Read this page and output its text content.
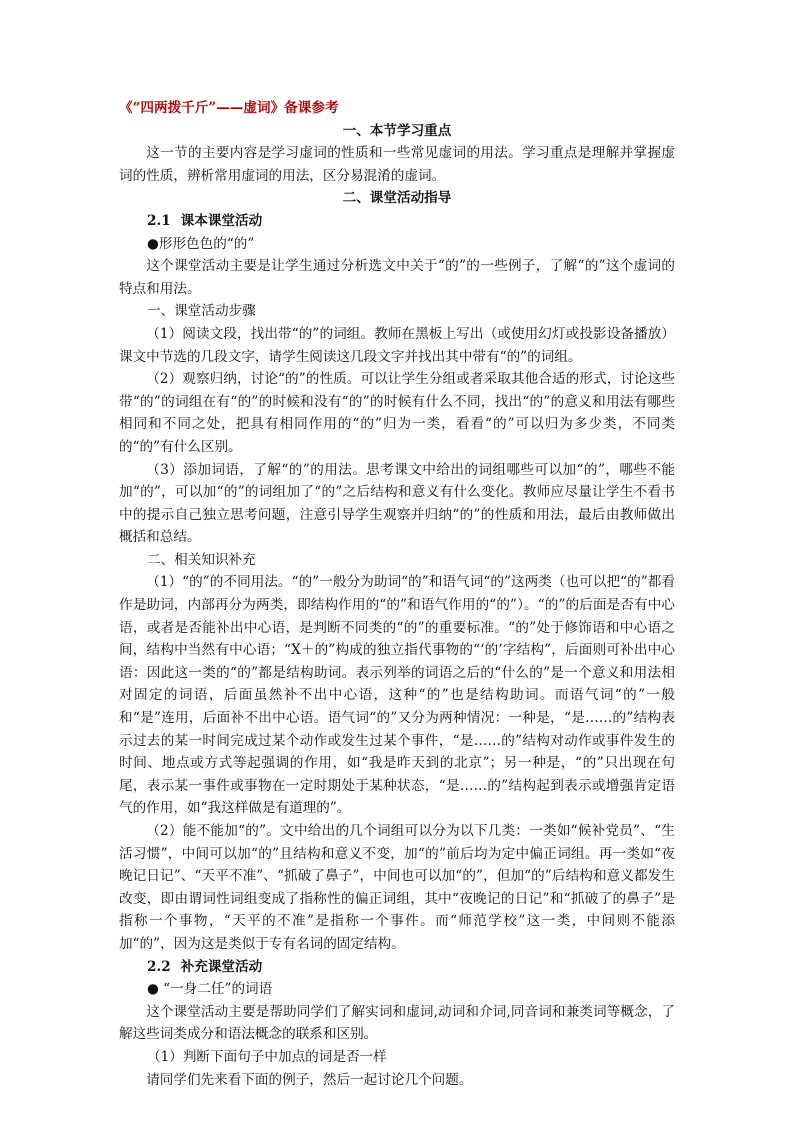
《“四两拨千斤”——虚词》备课参考

一、本节学习重点

这一节的主要内容是学习虚词的性质和一些常见虚词的用法。学习重点是理解并掌握虚词的性质，辨析常用虚词的用法，区分易混淆的虚词。

二、课堂活动指导

2.1 课本课堂活动

●形形色色的“的”

这个课堂活动主要是让学生通过分析选文中关于“的”的一些例子，了解“的”这个虚词的特点和用法。

一、课堂活动步骤

（1）阅读文段，找出带“的”的词组。教师在黑板上写出（或使用幻灯或投影设备播放）课文中节选的几段文字，请学生阅读这几段文字并找出其中带有“的”的词组。

（2）观察归纳，讨论“的”的性质。可以让学生分组或者采取其他合适的形式，讨论这些带“的”的词组在有“的”的时候和没有“的”的时候有什么不同，找出“的”的意义和用法有哪些相同和不同之处，把具有相同作用的“的”归为一类，看看“的”可以归为多少类，不同类的“的”有什么区别。

（3）添加词语，了解“的”的用法。思考课文中给出的词组哪些可以加“的”，哪些不能加“的”，可以加“的”的词组加了“的”之后结构和意义有什么变化。教师应尽量让学生不看书中的提示自己独立思考问题，注意引导学生观察并归纳“的”的性质和用法，最后由教师做出概括和总结。

二、相关知识补充

（1）“的”的不同用法。“的”一般分为助词“的”和语气词“的”这两类（也可以把“的”都看作是助词，内部再分为两类，即结构作用的“的”和语气作用的“的”）。“的”的后面是否有中心语，或者是否能补出中心语，是判断不同类的“的”的重要标准。“的”处于修饰语和中心语之间，结构中当然有中心语；“X＋的”构成的独立指代事物的“‘的’字结构”，后面则可补出中心语：因此这一类的“的”都是结构助词。表示列举的词语之后的“什么的”是一个意义和用法相对固定的词语，后面虽然补不出中心语，这种“的”也是结构助词。而语气词“的”一般和“是”连用，后面补不出中心语。语气词“的”又分为两种情况：一种是，“是……的”结构表示过去的某一时间完成过某个动作或发生过某个事件，“是……的”结构对动作或事件发生的时间、地点或方式等起强调的作用，如“我是昨天到的北京”；另一种是，“的”只出现在句尾，表示某一事件或事物在一定时期处于某种状态，“是……的”结构起到表示或增强肯定语气的作用，如“我这样做是有道理的”。

（2）能不能加“的”。文中给出的几个词组可以分为以下几类：一类如“候补党员”、“生活习惯”，中间可以加“的”且结构和意义不变，加“的”前后均为定中偏正词组。再一类如“夜晚记日记”、“天平不准”、“抓破了鼻子”，中间也可以加“的”，但加“的”后结构和意义都发生改变，即由谓词性词组变成了指称性的偏正词组，其中“夜晚记的日记”和“抓破了的鼻子”是指称一个事物，“天平的不准”是指称一个事件。而“师范学校”这一类，中间则不能添加“的”，因为这是类似于专有名词的固定结构。

2.2 补充课堂活动

● “一身二任”的词语

这个课堂活动主要是帮助同学们了解实词和虚词,动词和介词,同音词和兼类词等概念，了解这些词类成分和语法概念的联系和区别。

（1）判断下面句子中加点的词是否一样

请同学们先来看下面的例子，然后一起讨论几个问题。
